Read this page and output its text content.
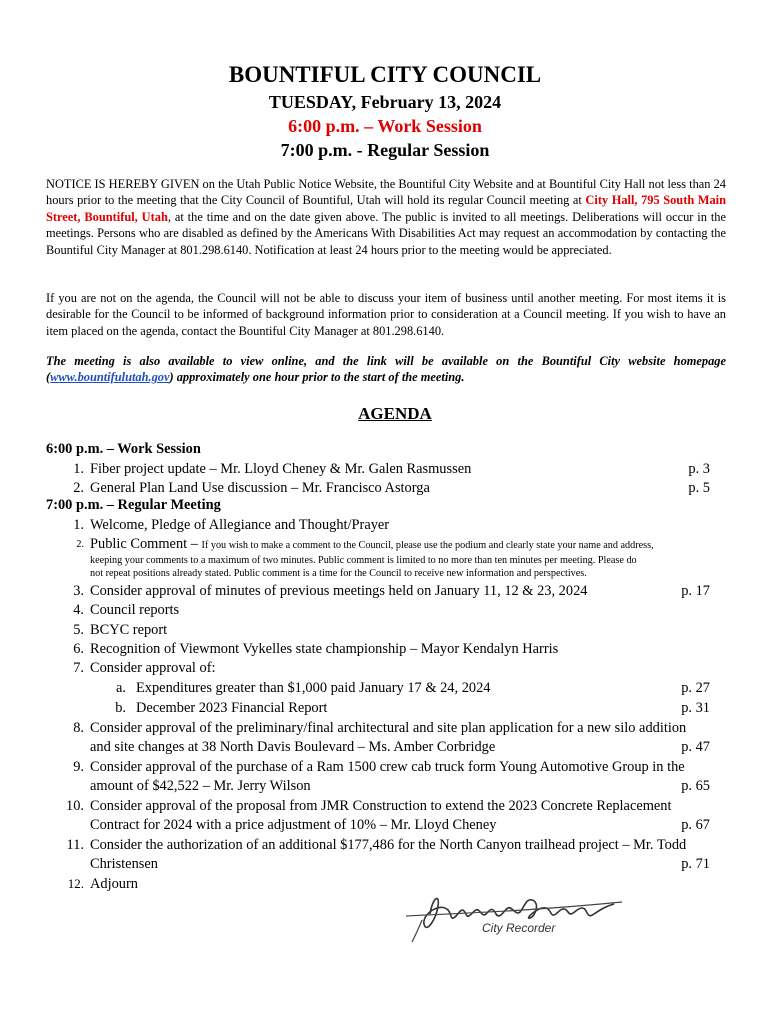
BOUNTIFUL CITY COUNCIL
TUESDAY, February 13, 2024
6:00 p.m. – Work Session
7:00 p.m. - Regular Session
NOTICE IS HEREBY GIVEN on the Utah Public Notice Website, the Bountiful City Website and at Bountiful City Hall not less than 24 hours prior to the meeting that the City Council of Bountiful, Utah will hold its regular Council meeting at City Hall, 795 South Main Street, Bountiful, Utah, at the time and on the date given above. The public is invited to all meetings. Deliberations will occur in the meetings. Persons who are disabled as defined by the Americans With Disabilities Act may request an accommodation by contacting the Bountiful City Manager at 801.298.6140. Notification at least 24 hours prior to the meeting would be appreciated.
If you are not on the agenda, the Council will not be able to discuss your item of business until another meeting. For most items it is desirable for the Council to be informed of background information prior to consideration at a Council meeting. If you wish to have an item placed on the agenda, contact the Bountiful City Manager at 801.298.6140.
The meeting is also available to view online, and the link will be available on the Bountiful City website homepage (www.bountifulutah.gov) approximately one hour prior to the start of the meeting.
AGENDA
6:00 p.m. – Work Session
1. Fiber project update – Mr. Lloyd Cheney & Mr. Galen Rasmussen	p. 3
2. General Plan Land Use discussion – Mr. Francisco Astorga	p. 5
7:00 p.m. – Regular Meeting
1. Welcome, Pledge of Allegiance and Thought/Prayer
2. Public Comment – If you wish to make a comment to the Council, please use the podium and clearly state your name and address,
keeping your comments to a maximum of two minutes. Public comment is limited to no more than ten minutes per meeting. Please do
not repeat positions already stated. Public comment is a time for the Council to receive new information and perspectives.
3. Consider approval of minutes of previous meetings held on January 11, 12 & 23, 2024	p. 17
4. Council reports
5. BCYC report
6. Recognition of Viewmont Vykelles state championship – Mayor Kendalyn Harris
7. Consider approval of:
a. Expenditures greater than $1,000 paid January 17 & 24, 2024	p. 27
b. December 2023 Financial Report	p. 31
8. Consider approval of the preliminary/final architectural and site plan application for a new silo addition
and site changes at 38 North Davis Boulevard – Ms. Amber Corbridge	p. 47
9. Consider approval of the purchase of a Ram 1500 crew cab truck form Young Automotive Group in the
amount of $42,522 – Mr. Jerry Wilson	p. 65
10. Consider approval of the proposal from JMR Construction to extend the 2023 Concrete Replacement
Contract for 2024 with a price adjustment of 10% – Mr. Lloyd Cheney	p. 67
11. Consider the authorization of an additional $177,486 for the North Canyon trailhead project – Mr. Todd
Christensen	p. 71
12. Adjourn
City Recorder
